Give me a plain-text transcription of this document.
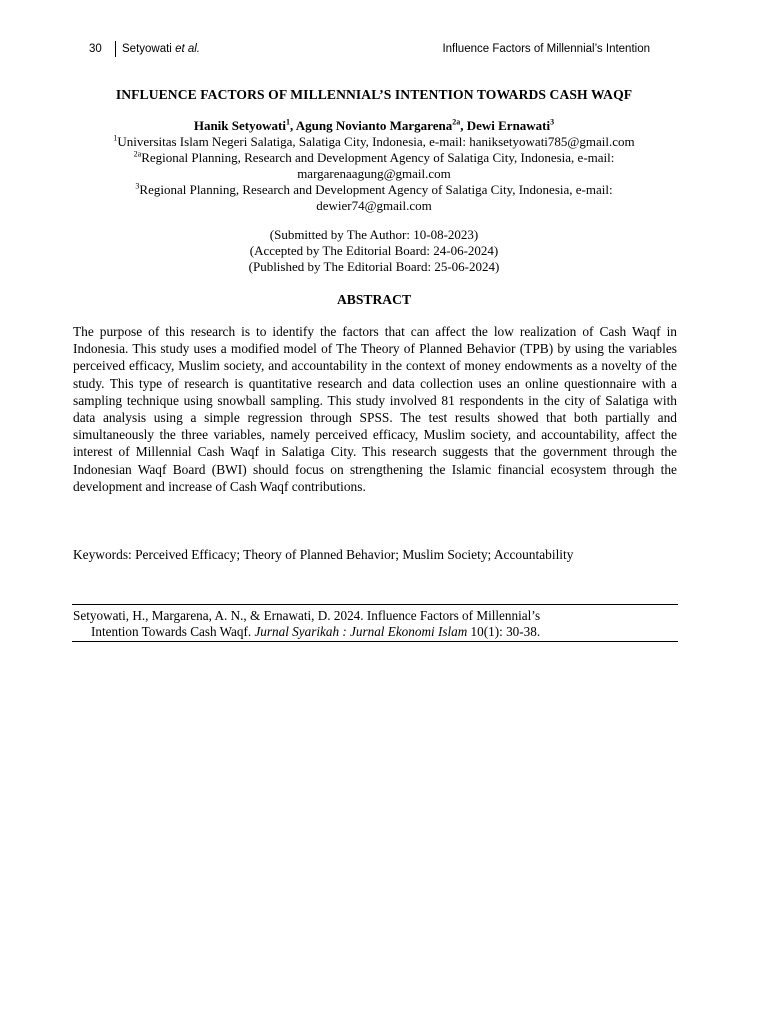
30 Setyowati et al.	Influence Factors of Millennial’s Intention
INFLUENCE FACTORS OF MILLENNIAL’S INTENTION TOWARDS CASH WAQF
Hanik Setyowati$^1$, Agung Novianto Margarena$^{2a}$, Dewi Ernawati$^3$
$^1$Universitas Islam Negeri Salatiga, Salatiga City, Indonesia, e-mail: haniksetyowati785@gmail.com
$^{2a}$Regional Planning, Research and Development Agency of Salatiga City, Indonesia, e-mail:
margarenaagung@gmail.com
$^3$Regional Planning, Research and Development Agency of Salatiga City, Indonesia, e-mail:
dewier74@gmail.com
(Submitted by The Author: 10-08-2023)
(Accepted by The Editorial Board: 24-06-2024)
(Published by The Editorial Board: 25-06-2024)
ABSTRACT
The purpose of this research is to identify the factors that can affect the low realization of Cash Waqf in Indonesia. This study uses a modified model of The Theory of Planned Behavior (TPB) by using the variables perceived efficacy, Muslim society, and accountability in the context of money endowments as a novelty of the study. This type of research is quantitative research and data collection uses an online questionnaire with a sampling technique using snowball sampling. This study involved 81 respondents in the city of Salatiga with data analysis using a simple regression through SPSS. The test results showed that both partially and simultaneously the three variables, namely perceived efficacy, Muslim society, and accountability, affect the interest of Millennial Cash Waqf in Salatiga City. This research suggests that the government through the Indonesian Waqf Board (BWI) should focus on strengthening the Islamic financial ecosystem through the development and increase of Cash Waqf contributions.
Keywords: Perceived Efficacy; Theory of Planned Behavior; Muslim Society; Accountability
Setyowati, H., Margarena, A. N., & Ernawati, D. 2024. Influence Factors of Millennial’s
Intention Towards Cash Waqf. Jurnal Syarikah : Jurnal Ekonomi Islam 10(1): 30-38.
